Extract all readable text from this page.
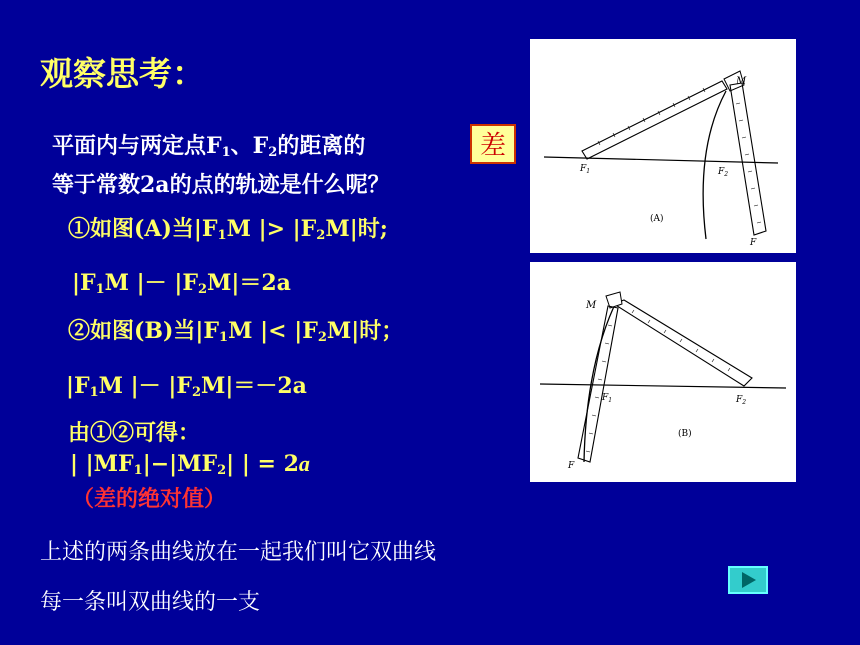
观察思考：
平面内与两定点$F_1$、$F_2$的距离的
等于常数2a的点的轨迹是什么呢？
差
①如图(A)当$|F_1M$ |> $|F_2M|$时;
$|F_1M$ |－ $|F_2M|=2a$
②如图(B)当$|F_1M$ |< $|F_2M|$时；
$|F_1M$ |－ $|F_2M|=-2a$
由①②可得：
| $|MF_1|-|MF_2|$ | = 2a
（差的绝对值）
上述的两条曲线放在一起我们叫它双曲线
每一条叫双曲线的一支
M
$F_1$	$F_2$
F
(A)
M
$F_1$	$F_2$
F
(B)
